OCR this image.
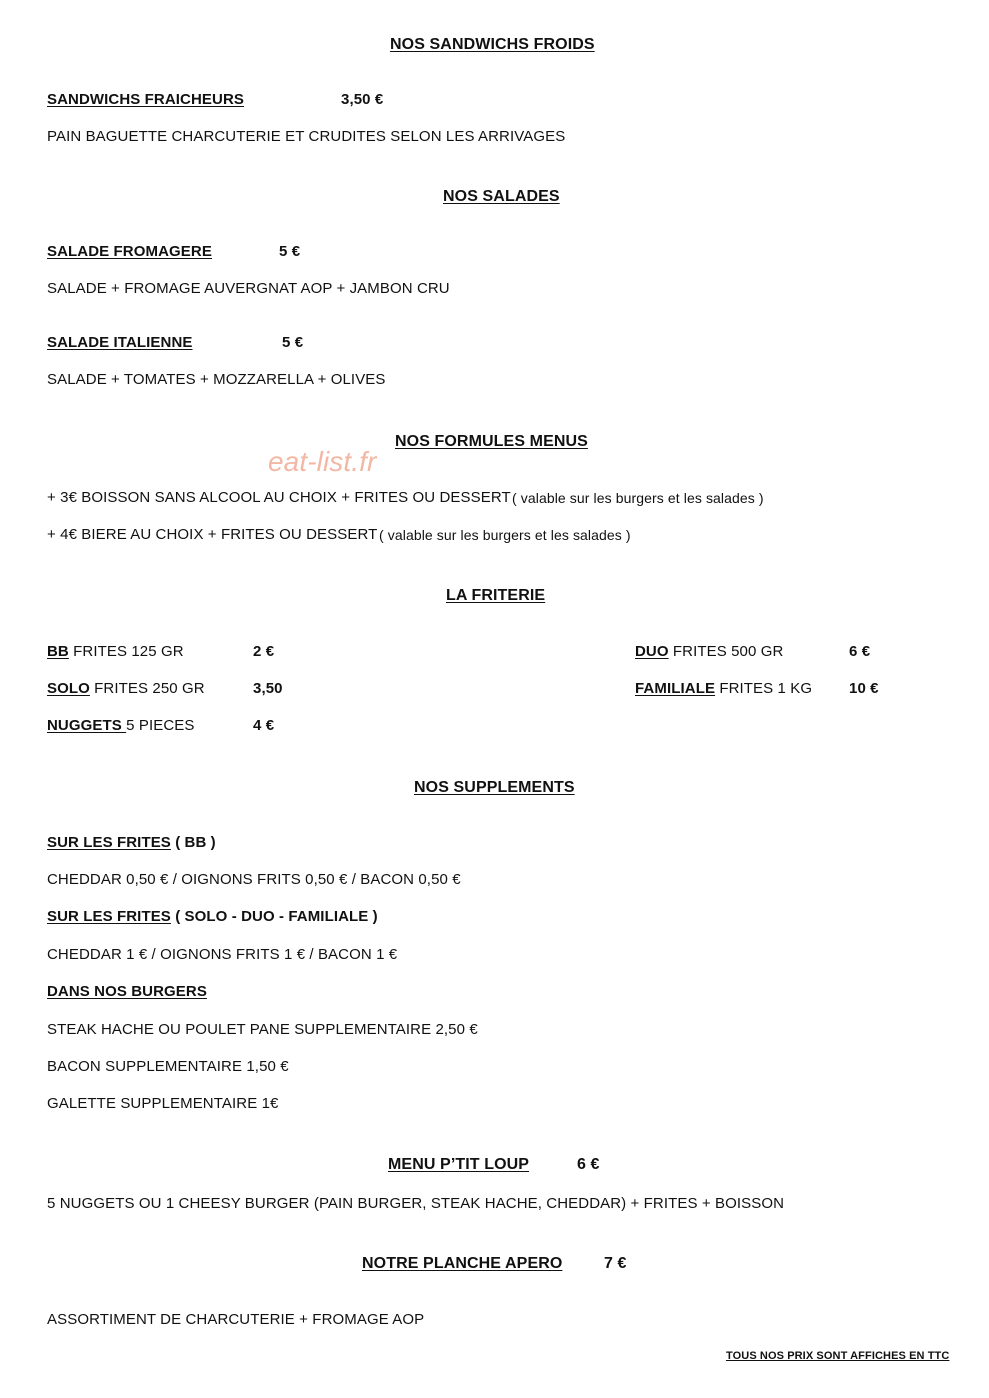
NOS SANDWICHS FROIDS
SANDWICHS FRAICHEURS	3,50 €
PAIN BAGUETTE CHARCUTERIE ET CRUDITES SELON LES ARRIVAGES
NOS SALADES
SALADE FROMAGERE	5 €
SALADE + FROMAGE AUVERGNAT AOP + JAMBON CRU
SALADE ITALIENNE	5 €
SALADE + TOMATES + MOZZARELLA + OLIVES
NOS FORMULES MENUS
eat-list.fr
+ 3€ BOISSON SANS ALCOOL AU CHOIX + FRITES OU DESSERT ( valable sur les burgers et les salades )
+ 4€ BIERE AU CHOIX + FRITES OU DESSERT ( valable sur les burgers et les salades )
LA FRITERIE
BB FRITES 125 GR	2 €
SOLO FRITES 250 GR	3,50
NUGGETS 5 PIECES	4 €
DUO FRITES 500 GR	6 €
FAMILIALE FRITES 1 KG 10 €
NOS SUPPLEMENTS
SUR LES FRITES ( BB )
CHEDDAR 0,50 € / OIGNONS FRITS 0,50 € / BACON 0,50 €
SUR LES FRITES ( SOLO - DUO - FAMILIALE )
CHEDDAR 1 € / OIGNONS FRITS 1 € / BACON 1 €
DANS NOS BURGERS
STEAK HACHE OU POULET PANE SUPPLEMENTAIRE 2,50 €
BACON SUPPLEMENTAIRE 1,50 €
GALETTE SUPPLEMENTAIRE 1€
MENU P’TIT LOUP	6 €
5 NUGGETS OU 1 CHEESY BURGER (PAIN BURGER, STEAK HACHE, CHEDDAR) + FRITES + BOISSON
NOTRE PLANCHE APERO	7 €
ASSORTIMENT DE CHARCUTERIE + FROMAGE AOP
TOUS NOS PRIX SONT AFFICHES EN TTC
